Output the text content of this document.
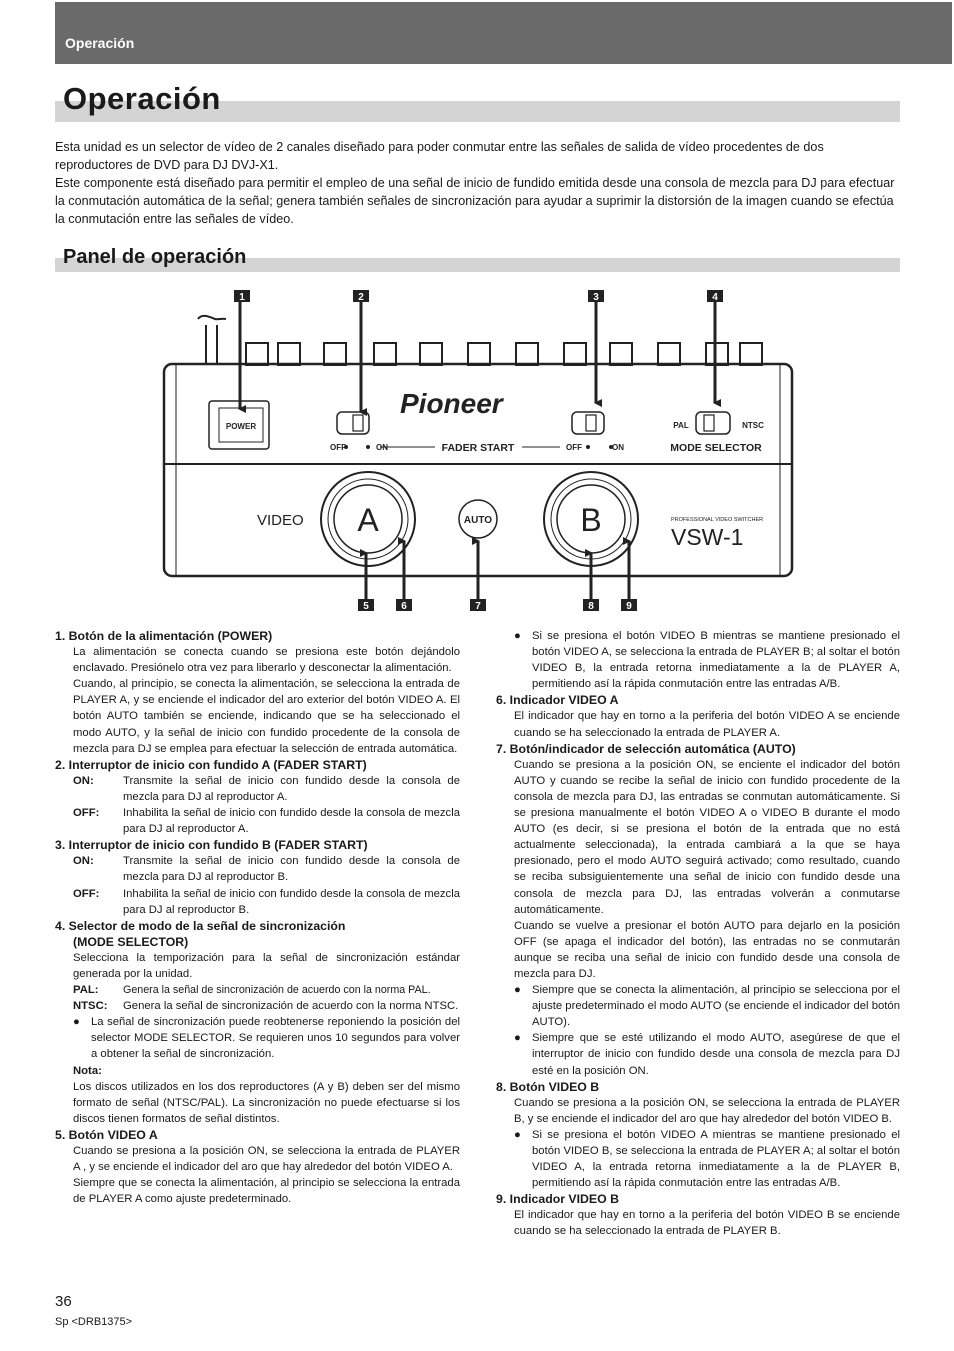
Operación
Operación

Esta unidad es un selector de vídeo de 2 canales diseñado para poder conmutar entre las señales de salida de vídeo procedentes de dos reproductores de DVD para DJ DVJ-X1.

Este componente está diseñado para permitir el empleo de una señal de inicio de fundido emitida desde una consola de mezcla para DJ para efectuar la conmutación automática de la señal; genera también señales de sincronización para ayudar a suprimir la distorsión de la imagen cuando se efectúa la conmutación entre las señales de vídeo.

Panel de operación
1	2	3	4
5	6	7	8	9
Pioneer
POWER
OFF	ON	FADER START	OFF	ON
PAL	NTSC
MODE SELECTOR
VIDEO A	AUTO	B	PROFESSIONAL VIDEO SWITCHER
VSW-1

1. Botón de la alimentación (POWER)

La alimentación se conecta cuando se presiona este botón dejándolo enclavado. Presiónelo otra vez para liberarlo y desconectar la alimentación.

Cuando, al principio, se conecta la alimentación, se selecciona la entrada de PLAYER A, y se enciende el indicador del aro exterior del botón VIDEO A. El botón AUTO también se enciende, indicando que se ha seleccionado el modo AUTO, y la señal de inicio con fundido procedente de la consola de mezcla para DJ se emplea para efectuar la selección de entrada automática.

2. Interruptor de inicio con fundido A (FADER START)

ON:	Transmite la señal de inicio con fundido desde la consola de mezcla para DJ al reproductor A.
OFF:	Inhabilita la señal de inicio con fundido desde la consola de mezcla para DJ al reproductor A.

3. Interruptor de inicio con fundido B (FADER START)

ON:	Transmite la señal de inicio con fundido desde la consola de mezcla para DJ al reproductor B.
OFF:	Inhabilita la señal de inicio con fundido desde la consola de mezcla para DJ al reproductor B.

4. Selector de modo de la señal de sincronización

(MODE SELECTOR)

Selecciona la temporización para la señal de sincronización estándar generada por la unidad.

PAL:	Genera la señal de sincronización de acuerdo con la norma PAL.
NTSC:	Genera la señal de sincronización de acuerdo con la norma NTSC.
● La señal de sincronización puede reobtenerse reponiendo la posición del selector MODE SELECTOR. Se requieren unos 10 segundos para volver a obtener la señal de sincronización.

Nota:

Los discos utilizados en los dos reproductores (A y B) deben ser del mismo formato de señal (NTSC/PAL). La sincronización no puede efectuarse si los discos tienen formatos de señal distintos.

5. Botón VIDEO A

Cuando se presiona a la posición ON, se selecciona la entrada de PLAYER A , y se enciende el indicador del aro que hay alrededor del botón VIDEO A.

Siempre que se conecta la alimentación, al principio se selecciona la entrada de PLAYER A como ajuste predeterminado.

● Si se presiona el botón VIDEO B mientras se mantiene presionado el botón VIDEO A, se selecciona la entrada de PLAYER B; al soltar el botón VIDEO B, la entrada retorna inmediatamente a la de PLAYER A, permitiendo así la rápida conmutación entre las entradas A/B.

6. Indicador VIDEO A

El indicador que hay en torno a la periferia del botón VIDEO A se enciende cuando se ha seleccionado la entrada de PLAYER A.

7. Botón/indicador de selección automática (AUTO)

Cuando se presiona a la posición ON, se enciente el indicador del botón AUTO y cuando se recibe la señal de inicio con fundido procedente de la consola de mezcla para DJ, las entradas se conmutan automáticamente. Si se presiona manualmente el botón VIDEO A o VIDEO B durante el modo AUTO (es decir, si se presiona el botón de la entrada que no está actualmente seleccionada), la entrada cambiará a la que se haya presionado, pero el modo AUTO seguirá activado; como resultado, cuando se reciba subsiguientemente una señal de inicio con fundido desde una consola de mezcla para DJ, las entradas volverán a conmutarse automáticamente.

Cuando se vuelve a presionar el botón AUTO para dejarlo en la posición OFF (se apaga el indicador del botón), las entradas no se conmutarán aunque se reciba una señal de inicio con fundido desde una consola de mezcla para DJ.

● Siempre que se conecta la alimentación, al principio se selecciona por el ajuste predeterminado el modo AUTO (se enciende el indicador del botón AUTO).
● Siempre que se esté utilizando el modo AUTO, asegúrese de que el interruptor de inicio con fundido desde una consola de mezcla para DJ esté en la posición ON.

8. Botón VIDEO B

Cuando se presiona a la posición ON, se selecciona la entrada de PLAYER B, y se enciende el indicador del aro que hay alrededor del botón VIDEO B.

● Si se presiona el botón VIDEO A mientras se mantiene presionado el botón VIDEO B, se selecciona la entrada de PLAYER A; al soltar el botón VIDEO A, la entrada retorna inmediatamente a la de PLAYER B, permitiendo así la rápida conmutación entre las entradas A/B.

9. Indicador VIDEO B

El indicador que hay en torno a la periferia del botón VIDEO B se enciende cuando se ha seleccionado la entrada de PLAYER B.

36
Sp <DRB1375>
